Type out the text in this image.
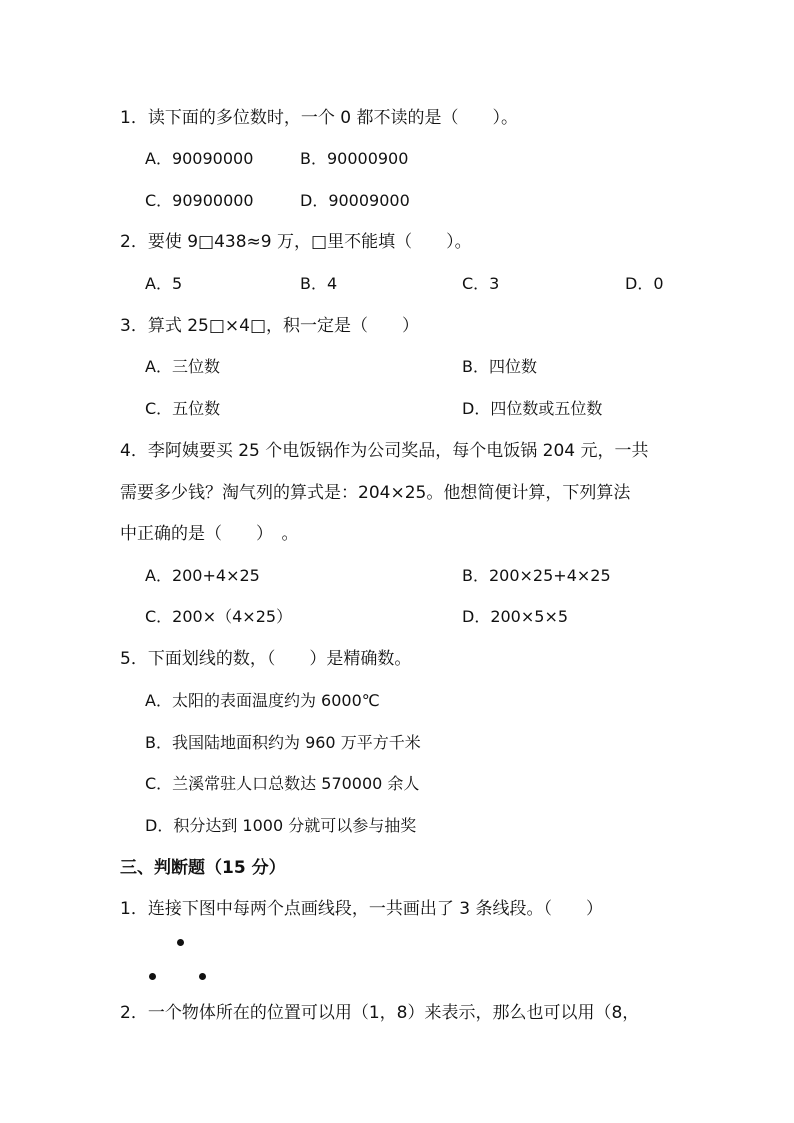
1．读下面的多位数时，一个 0 都不读的是（　　）。
A．90090000	B．90000900
C．90900000	D．90009000
2．要使 9□438≈9 万，□里不能填（　　）。
A．5	B．4	C．3	D．0
3．算式 25□×4□，积一定是（　　）
A．三位数	B．四位数
C．五位数	D．四位数或五位数
4．李阿姨要买 25 个电饭锅作为公司奖品，每个电饭锅 204 元，一共
需要多少钱？淘气列的算式是：204×25。他想简便计算，下列算法
中正确的是（　　）　。
A．200+4×25	B．200×25+4×25
C．200×（4×25）	D．200×5×5
5．下面划线的数，（　　）是精确数。
A．太阳的表面温度约为 6000℃
B．我国陆地面积约为 960 万平方千米
C．兰溪常驻人口总数达 570000 余人
D．积分达到 1000 分就可以参与抽奖
三、判断题（15 分）
1．连接下图中每两个点画线段，一共画出了 3 条线段。（　　）
2．一个物体所在的位置可以用（1，8）来表示，那么也可以用（8，
